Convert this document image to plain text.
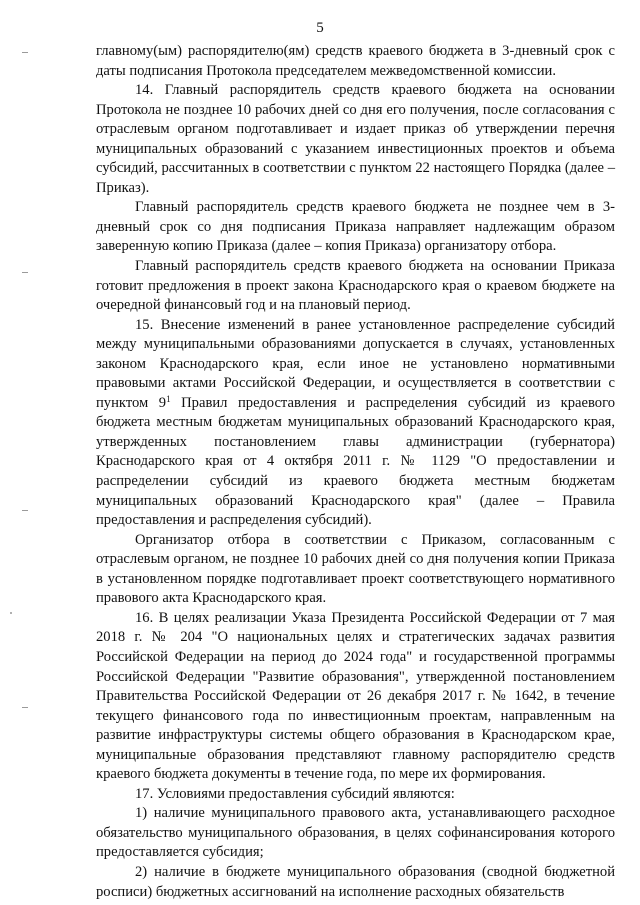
5

главному(ым) распорядителю(ям) средств краевого бюджета в 3-дневный срок с даты подписания Протокола председателем межведомственной комиссии.

14. Главный распорядитель средств краевого бюджета на основании Протокола не позднее 10 рабочих дней со дня его получения, после согласования с отраслевым органом подготавливает и издает приказ об утверждении перечня муниципальных образований с указанием инвестиционных проектов и объема субсидий, рассчитанных в соответствии с пунктом 22 настоящего Порядка (далее – Приказ).

Главный распорядитель средств краевого бюджета не позднее чем в 3-дневный срок со дня подписания Приказа направляет надлежащим образом заверенную копию Приказа (далее – копия Приказа) организатору отбора.

Главный распорядитель средств краевого бюджета на основании Приказа готовит предложения в проект закона Краснодарского края о краевом бюджете на очередной финансовый год и на плановый период.

15. Внесение изменений в ранее установленное распределение субсидий между муниципальными образованиями допускается в случаях, установленных законом Краснодарского края, если иное не установлено нормативными правовыми актами Российской Федерации, и осуществляется в соответствии с пунктом $9^1$ Правил предоставления и распределения субсидий из краевого бюджета местным бюджетам муниципальных образований Краснодарского края, утвержденных постановлением главы администрации (губернатора) Краснодарского края от 4 октября 2011 г. № 1129 "О предоставлении и распределении субсидий из краевого бюджета местным бюджетам муниципальных образований Краснодарского края" (далее – Правила предоставления и распределения субсидий).

Организатор отбора в соответствии с Приказом, согласованным с отраслевым органом, не позднее 10 рабочих дней со дня получения копии Приказа в установленном порядке подготавливает проект соответствующего нормативного правового акта Краснодарского края.

16. В целях реализации Указа Президента Российской Федерации от 7 мая 2018 г. № 204 "О национальных целях и стратегических задачах развития Российской Федерации на период до 2024 года" и государственной программы Российской Федерации "Развитие образования", утвержденной постановлением Правительства Российской Федерации от 26 декабря 2017 г. № 1642, в течение текущего финансового года по инвестиционным проектам, направленным на развитие инфраструктуры системы общего образования в Краснодарском крае, муниципальные образования представляют главному распорядителю средств краевого бюджета документы в течение года, по мере их формирования.

17. Условиями предоставления субсидий являются:

1) наличие муниципального правового акта, устанавливающего расходное обязательство муниципального образования, в целях софинансирования которого предоставляется субсидия;

2) наличие в бюджете муниципального образования (сводной бюджетной росписи) бюджетных ассигнований на исполнение расходных обязательств
